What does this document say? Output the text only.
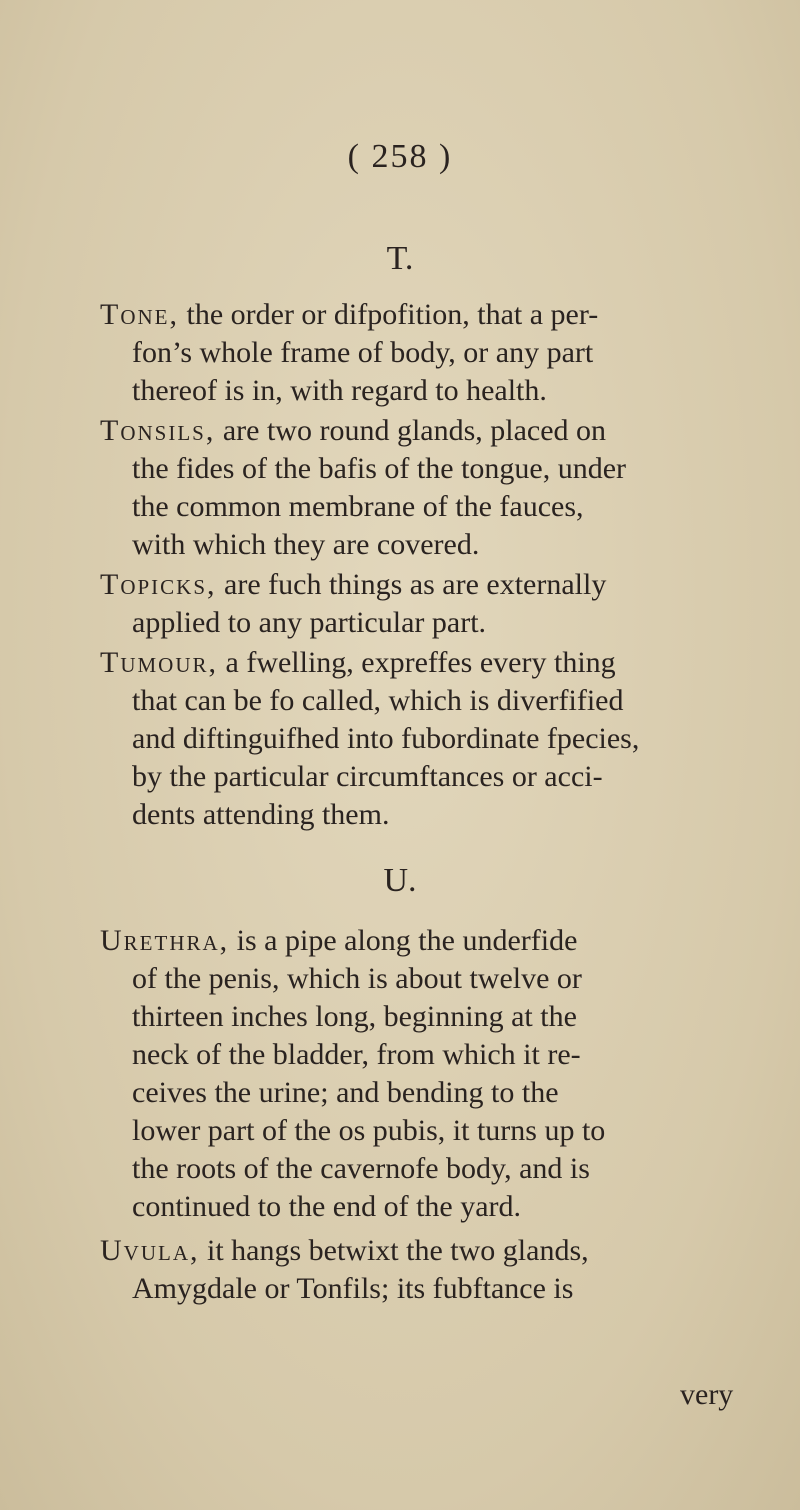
( 258 )
T.
Tone, the order or difpofition, that a per-
fon’s whole frame of body, or any part
thereof is in, with regard to health.
Tonsils, are two round glands, placed on
the fides of the bafis of the tongue, under
the common membrane of the fauces,
with which they are covered.
Topicks, are fuch things as are externally
applied to any particular part.
Tumour, a fwelling, expreffes every thing
that can be fo called, which is diverfified
and diftinguifhed into fubordinate fpecies,
by the particular circumftances or acci-
dents attending them.
U.
Urethra, is a pipe along the underfide
of the penis, which is about twelve or
thirteen inches long, beginning at the
neck of the bladder, from which it re-
ceives the urine; and bending to the
lower part of the os pubis, it turns up to
the roots of the cavernofe body, and is
continued to the end of the yard.
Uvula, it hangs betwixt the two glands,
Amygdale or Tonfils; its fubftance is
very
